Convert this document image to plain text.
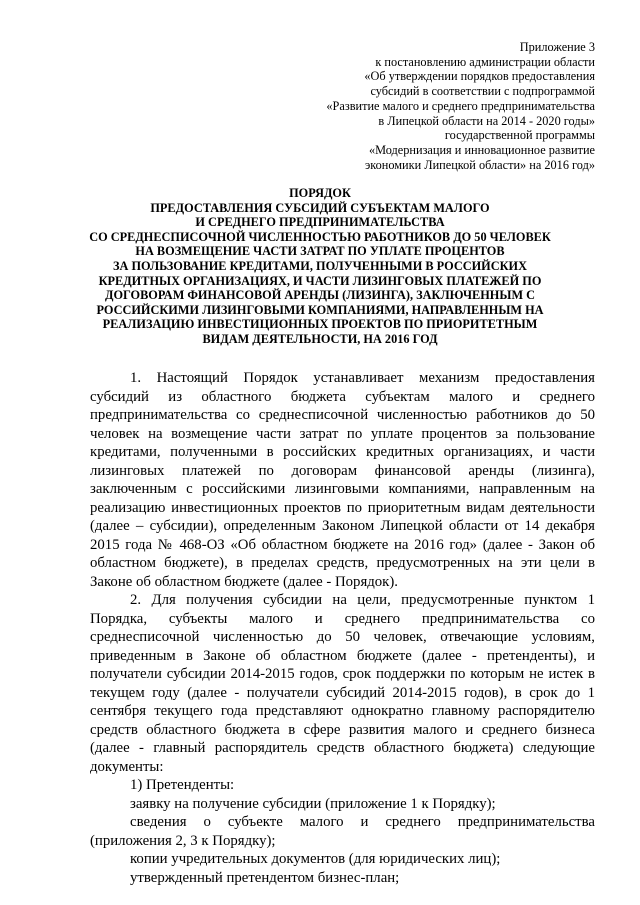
Приложение 3
к постановлению администрации области
«Об утверждении порядков предоставления
субсидий в соответствии с подпрограммой
«Развитие малого и среднего предпринимательства
в Липецкой области на 2014 - 2020 годы»
государственной программы
«Модернизация и инновационное развитие
экономики Липецкой области» на 2016 год»
ПОРЯДОК
ПРЕДОСТАВЛЕНИЯ СУБСИДИЙ СУБЪЕКТАМ МАЛОГО
И СРЕДНЕГО ПРЕДПРИНИМАТЕЛЬСТВА
СО СРЕДНЕСПИСОЧНОЙ ЧИСЛЕННОСТЬЮ РАБОТНИКОВ ДО 50 ЧЕЛОВЕК
НА ВОЗМЕЩЕНИЕ ЧАСТИ ЗАТРАТ ПО УПЛАТЕ ПРОЦЕНТОВ
ЗА ПОЛЬЗОВАНИЕ КРЕДИТАМИ, ПОЛУЧЕННЫМИ В РОССИЙСКИХ
КРЕДИТНЫХ ОРГАНИЗАЦИЯХ, И ЧАСТИ ЛИЗИНГОВЫХ ПЛАТЕЖЕЙ ПО
ДОГОВОРАМ ФИНАНСОВОЙ АРЕНДЫ (ЛИЗИНГА), ЗАКЛЮЧЕННЫМ С
РОССИЙСКИМИ ЛИЗИНГОВЫМИ КОМПАНИЯМИ, НАПРАВЛЕННЫМ НА
РЕАЛИЗАЦИЮ ИНВЕСТИЦИОННЫХ ПРОЕКТОВ ПО ПРИОРИТЕТНЫМ
ВИДАМ ДЕЯТЕЛЬНОСТИ, НА 2016 ГОД

1. Настоящий Порядок устанавливает механизм предоставления субсидий из областного бюджета субъектам малого и среднего предпринимательства со среднесписочной численностью работников до 50 человек на возмещение части затрат по уплате процентов за пользование кредитами, полученными в российских кредитных организациях, и части лизинговых платежей по договорам финансовой аренды (лизинга), заключенным с российскими лизинговыми компаниями, направленным на реализацию инвестиционных проектов по приоритетным видам деятельности (далее – субсидии), определенным Законом Липецкой области от 14 декабря 2015 года № 468-ОЗ «Об областном бюджете на 2016 год» (далее - Закон об областном бюджете), в пределах средств, предусмотренных на эти цели в Законе об областном бюджете (далее - Порядок).

2. Для получения субсидии на цели, предусмотренные пунктом 1 Порядка, субъекты малого и среднего предпринимательства со среднесписочной численностью до 50 человек, отвечающие условиям, приведенным в Законе об областном бюджете (далее - претенденты), и получатели субсидии 2014-2015 годов, срок поддержки по которым не истек в текущем году (далее - получатели субсидий 2014-2015 годов), в срок до 1 сентября текущего года представляют однократно главному распорядителю средств областного бюджета в сфере развития малого и среднего бизнеса (далее - главный распорядитель средств областного бюджета) следующие документы:

1) Претенденты:

заявку на получение субсидии (приложение 1 к Порядку);

сведения о субъекте малого и среднего предпринимательства (приложения 2, 3 к Порядку);

копии учредительных документов (для юридических лиц);

утвержденный претендентом бизнес-план;
